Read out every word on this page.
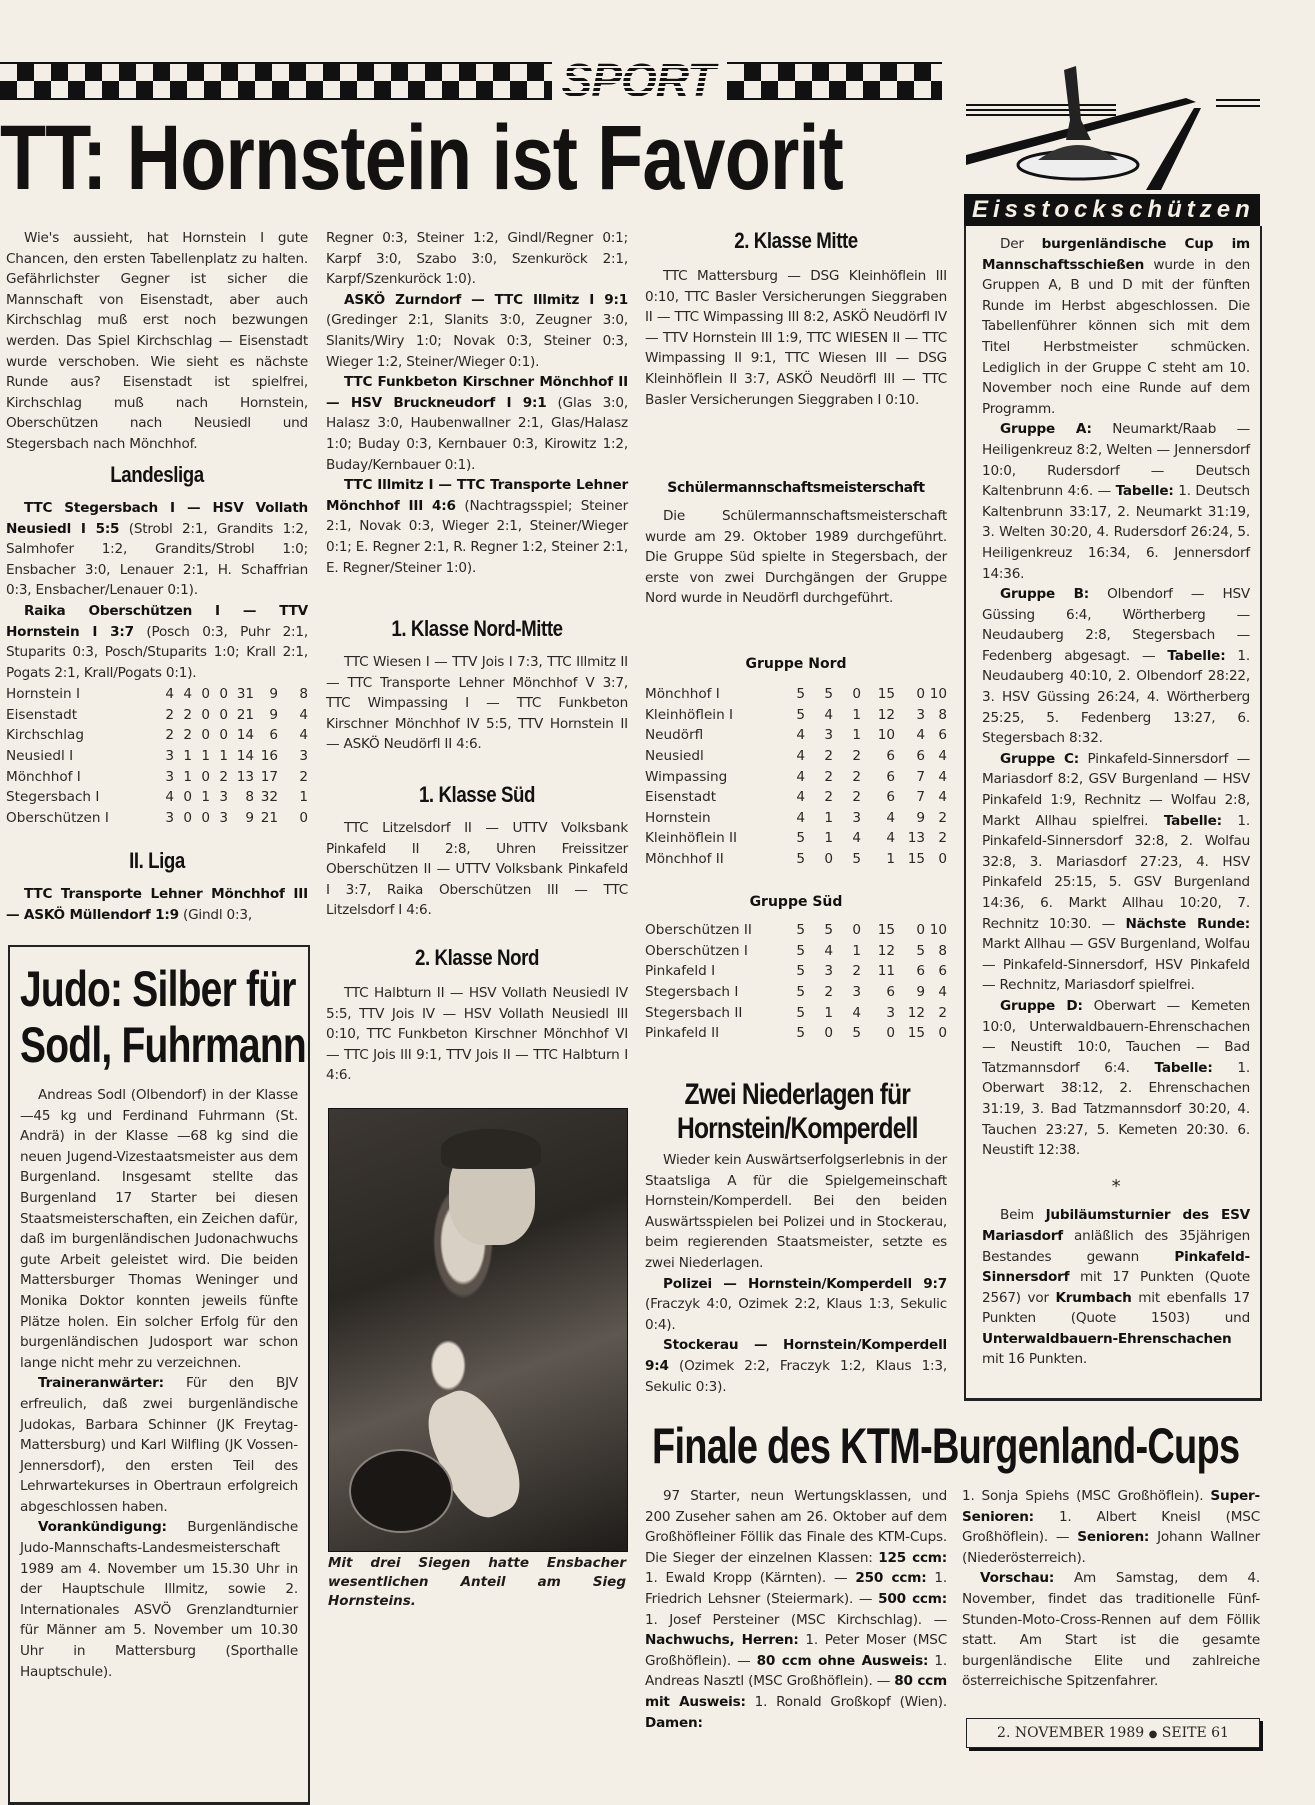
SPORT
TT: Hornstein ist Favorit

Wie's aussieht, hat Hornstein I gute Chancen, den ersten Tabellenplatz zu halten. Gefährlichster Gegner ist sicher die Mannschaft von Eisenstadt, aber auch Kirchschlag muß erst noch bezwungen werden. Das Spiel Kirchschlag — Eisenstadt wurde verschoben. Wie sieht es nächste Runde aus? Eisenstadt ist spielfrei, Kirchschlag muß nach Hornstein, Oberschützen nach Neusiedl und Stegersbach nach Mönchhof.

Landesliga

TTC Stegersbach I — HSV Vollath Neusiedl I 5:5 (Strobl 2:1, Grandits 1:2, Salmhofer 1:2, Grandits/Strobl 1:0; Ensbacher 3:0, Lenauer 2:1, H. Schaffrian 0:3, Ensbacher/Lenauer 0:1).

Raika Oberschützen I — TTV Hornstein I 3:7 (Posch 0:3, Puhr 2:1, Stuparits 0:3, Posch/Stuparits 1:0; Krall 2:1, Pogats 2:1, Krall/Pogats 0:1).

Hornstein I	4	4	0	0	31	9	8
Eisenstadt	2	2	0	0	21	9	4
Kirchschlag	2	2	0	0	14	6	4
Neusiedl I	3	1	1	1	14	16	3
Mönchhof I	3	1	0	2	13	17	2
Stegersbach I	4	0	1	3	8	32	1
Oberschützen I	3	0	0	3	9	21	0
II. Liga

TTC Transporte Lehner Mönchhof III — ASKÖ Müllendorf 1:9 (Gindl 0:3,

Judo: Silber für
Sodl, Fuhrmann

Andreas Sodl (Olbendorf) in der Klasse —45 kg und Ferdinand Fuhrmann (St. Andrä) in der Klasse —68 kg sind die neuen Jugend-Vizestaatsmeister aus dem Burgenland. Insgesamt stellte das Burgenland 17 Starter bei diesen Staatsmeisterschaften, ein Zeichen dafür, daß im burgenländischen Judonachwuchs gute Arbeit geleistet wird. Die beiden Mattersburger Thomas Weninger und Monika Doktor konnten jeweils fünfte Plätze holen. Ein solcher Erfolg für den burgenländischen Judosport war schon lange nicht mehr zu verzeichnen.

Traineranwärter: Für den BJV erfreulich, daß zwei burgenländische Judokas, Barbara Schinner (JK Freytag-Mattersburg) und Karl Wilfling (JK Vossen-Jennersdorf), den ersten Teil des Lehrwartekurses in Obertraun erfolgreich abgeschlossen haben.

Vorankündigung: Burgenländische Judo-Mannschafts-Landesmeisterschaft 1989 am 4. November um 15.30 Uhr in der Hauptschule Illmitz, sowie 2. Internationales ASVÖ Grenzlandturnier für Männer am 5. November um 10.30 Uhr in Mattersburg (Sporthalle Hauptschule).

Regner 0:3, Steiner 1:2, Gindl/Regner 0:1; Karpf 3:0, Szabo 3:0, Szenkuröck 2:1, Karpf/Szenkuröck 1:0).

ASKÖ Zurndorf — TTC Illmitz I 9:1 (Gredinger 2:1, Slanits 3:0, Zeugner 3:0, Slanits/Wiry 1:0; Novak 0:3, Steiner 0:3, Wieger 1:2, Steiner/Wieger 0:1).

TTC Funkbeton Kirschner Mönchhof II — HSV Bruckneudorf I 9:1 (Glas 3:0, Halasz 3:0, Haubenwallner 2:1, Glas/Halasz 1:0; Buday 0:3, Kernbauer 0:3, Kirowitz 1:2, Buday/Kernbauer 0:1).

TTC Illmitz I — TTC Transporte Lehner Mönchhof III 4:6 (Nachtragsspiel; Steiner 2:1, Novak 0:3, Wieger 2:1, Steiner/Wieger 0:1; E. Regner 2:1, R. Regner 1:2, Steiner 2:1, E. Regner/Steiner 1:0).

1. Klasse Nord-Mitte

TTC Wiesen I — TTV Jois I 7:3, TTC Illmitz II — TTC Transporte Lehner Mönchhof V 3:7, TTC Wimpassing I — TTC Funkbeton Kirschner Mönchhof IV 5:5, TTV Hornstein II — ASKÖ Neudörfl II 4:6.

1. Klasse Süd

TTC Litzelsdorf II — UTTV Volksbank Pinkafeld II 2:8, Uhren Freissitzer Oberschützen II — UTTV Volksbank Pinkafeld I 3:7, Raika Oberschützen III — TTC Litzelsdorf I 4:6.

2. Klasse Nord

TTC Halbturn II — HSV Vollath Neusiedl IV 5:5, TTV Jois IV — HSV Vollath Neusiedl III 0:10, TTC Funkbeton Kirschner Mönchhof VI — TTC Jois III 9:1, TTV Jois II — TTC Halbturn I 4:6.

Mit drei Siegen hatte Ensbacher wesentlichen Anteil am Sieg Hornsteins.
2. Klasse Mitte

TTC Mattersburg — DSG Kleinhöflein III 0:10, TTC Basler Versicherungen Sieggraben II — TTC Wimpassing III 8:2, ASKÖ Neudörfl IV — TTV Hornstein III 1:9, TTC WIESEN II — TTC Wimpassing II 9:1, TTC Wiesen III — DSG Kleinhöflein II 3:7, ASKÖ Neudörfl III — TTC Basler Versicherungen Sieggraben I 0:10.

Schülermannschaftsmeisterschaft

Die Schülermannschaftsmeisterschaft wurde am 29. Oktober 1989 durchgeführt. Die Gruppe Süd spielte in Stegersbach, der erste von zwei Durchgängen der Gruppe Nord wurde in Neudörfl durchgeführt.

Gruppe Nord
Mönchhof I	5	5	0	15	0	10
Kleinhöflein I	5	4	1	12	3	8
Neudörfl	4	3	1	10	4	6
Neusiedl	4	2	2	6	6	4
Wimpassing	4	2	2	6	7	4
Eisenstadt	4	2	2	6	7	4
Hornstein	4	1	3	4	9	2
Kleinhöflein II	5	1	4	4	13	2
Mönchhof II	5	0	5	1	15	0
Gruppe Süd
Oberschützen II	5	5	0	15	0	10
Oberschützen I	5	4	1	12	5	8
Pinkafeld I	5	3	2	11	6	6
Stegersbach I	5	2	3	6	9	4
Stegersbach II	5	1	4	3	12	2
Pinkafeld II	5	0	5	0	15	0
Zwei Niederlagen für
Hornstein/Komperdell

Wieder kein Auswärtserfolgserlebnis in der Staatsliga A für die Spielgemeinschaft Hornstein/Komperdell. Bei den beiden Auswärtsspielen bei Polizei und in Stockerau, beim regierenden Staatsmeister, setzte es zwei Niederlagen.

Polizei — Hornstein/Komperdell 9:7 (Fraczyk 4:0, Ozimek 2:2, Klaus 1:3, Sekulic 0:4).

Stockerau — Hornstein/Komperdell 9:4 (Ozimek 2:2, Fraczyk 1:2, Klaus 1:3, Sekulic 0:3).

Eisstockschützen

Der burgenländische Cup im Mannschaftsschießen wurde in den Gruppen A, B und D mit der fünften Runde im Herbst abgeschlossen. Die Tabellenführer können sich mit dem Titel Herbstmeister schmücken. Lediglich in der Gruppe C steht am 10. November noch eine Runde auf dem Programm.

Gruppe A: Neumarkt/Raab — Heiligenkreuz 8:2, Welten — Jennersdorf 10:0, Rudersdorf — Deutsch Kaltenbrunn 4:6. — Tabelle: 1. Deutsch Kaltenbrunn 33:17, 2. Neumarkt 31:19, 3. Welten 30:20, 4. Rudersdorf 26:24, 5. Heiligenkreuz 16:34, 6. Jennersdorf 14:36.

Gruppe B: Olbendorf — HSV Güssing 6:4, Wörtherberg — Neudauberg 2:8, Stegersbach — Fedenberg abgesagt. — Tabelle: 1. Neudauberg 40:10, 2. Olbendorf 28:22, 3. HSV Güssing 26:24, 4. Wörtherberg 25:25, 5. Fedenberg 13:27, 6. Stegersbach 8:32.

Gruppe C: Pinkafeld-Sinnersdorf — Mariasdorf 8:2, GSV Burgenland — HSV Pinkafeld 1:9, Rechnitz — Wolfau 2:8, Markt Allhau spielfrei. Tabelle: 1. Pinkafeld-Sinnersdorf 32:8, 2. Wolfau 32:8, 3. Mariasdorf 27:23, 4. HSV Pinkafeld 25:15, 5. GSV Burgenland 14:36, 6. Markt Allhau 10:20, 7. Rechnitz 10:30. — Nächste Runde: Markt Allhau — GSV Burgenland, Wolfau — Pinkafeld-Sinnersdorf, HSV Pinkafeld — Rechnitz, Mariasdorf spielfrei.

Gruppe D: Oberwart — Kemeten 10:0, Unterwaldbauern-Ehrenschachen — Neustift 10:0, Tauchen — Bad Tatzmannsdorf 6:4. Tabelle: 1. Oberwart 38:12, 2. Ehrenschachen 31:19, 3. Bad Tatzmannsdorf 30:20, 4. Tauchen 23:27, 5. Kemeten 20:30. 6. Neustift 12:38.

*

Beim Jubiläumsturnier des ESV Mariasdorf anläßlich des 35jährigen Bestandes gewann Pinkafeld-Sinnersdorf mit 17 Punkten (Quote 2567) vor Krumbach mit ebenfalls 17 Punkten (Quote 1503) und Unterwaldbauern-Ehrenschachen mit 16 Punkten.

Finale des KTM-Burgenland-Cups

97 Starter, neun Wertungsklassen, und 200 Zuseher sahen am 26. Oktober auf dem Großhöfleiner Föllik das Finale des KTM-Cups. Die Sieger der einzelnen Klassen: 125 ccm: 1. Ewald Kropp (Kärnten). — 250 ccm: 1. Friedrich Lehsner (Steiermark). — 500 ccm: 1. Josef Persteiner (MSC Kirchschlag). — Nachwuchs, Herren: 1. Peter Moser (MSC Großhöflein). — 80 ccm ohne Ausweis: 1. Andreas Nasztl (MSC Großhöflein). — 80 ccm mit Ausweis: 1. Ronald Großkopf (Wien). Damen:

1. Sonja Spiehs (MSC Großhöflein). Super-Senioren: 1. Albert Kneisl (MSC Großhöflein). — Senioren: Johann Wallner (Niederösterreich).

Vorschau: Am Samstag, dem 4. November, findet das traditionelle Fünf-Stunden-Moto-Cross-Rennen auf dem Föllik statt. Am Start ist die gesamte burgenländische Elite und zahlreiche österreichische Spitzenfahrer.

2. NOVEMBER 1989 ● SEITE 61
